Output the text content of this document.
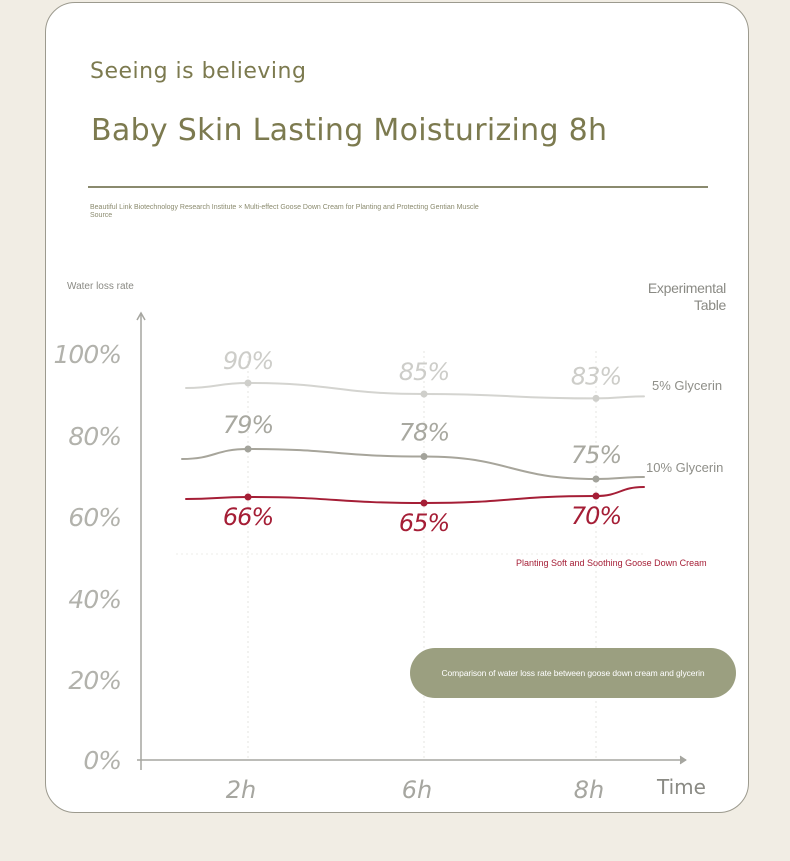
Seeing is believing
Baby Skin Lasting Moisturizing 8h
Beautiful Link Biotechnology Research Institute × Multi-effect Goose Down Cream for Planting and Protecting Gentian Muscle Source
Water loss rate	Experimental
Table
5% Glycerin
10% Glycerin
Planting Soft and Soothing Goose Down Cream
0%
20%
40%
60%
80%
100%
2h	6h	8h	Time
90%	85%	83%
79%	78%
75%
66%	65%	70%
Comparison of water loss rate between goose down cream and glycerin
